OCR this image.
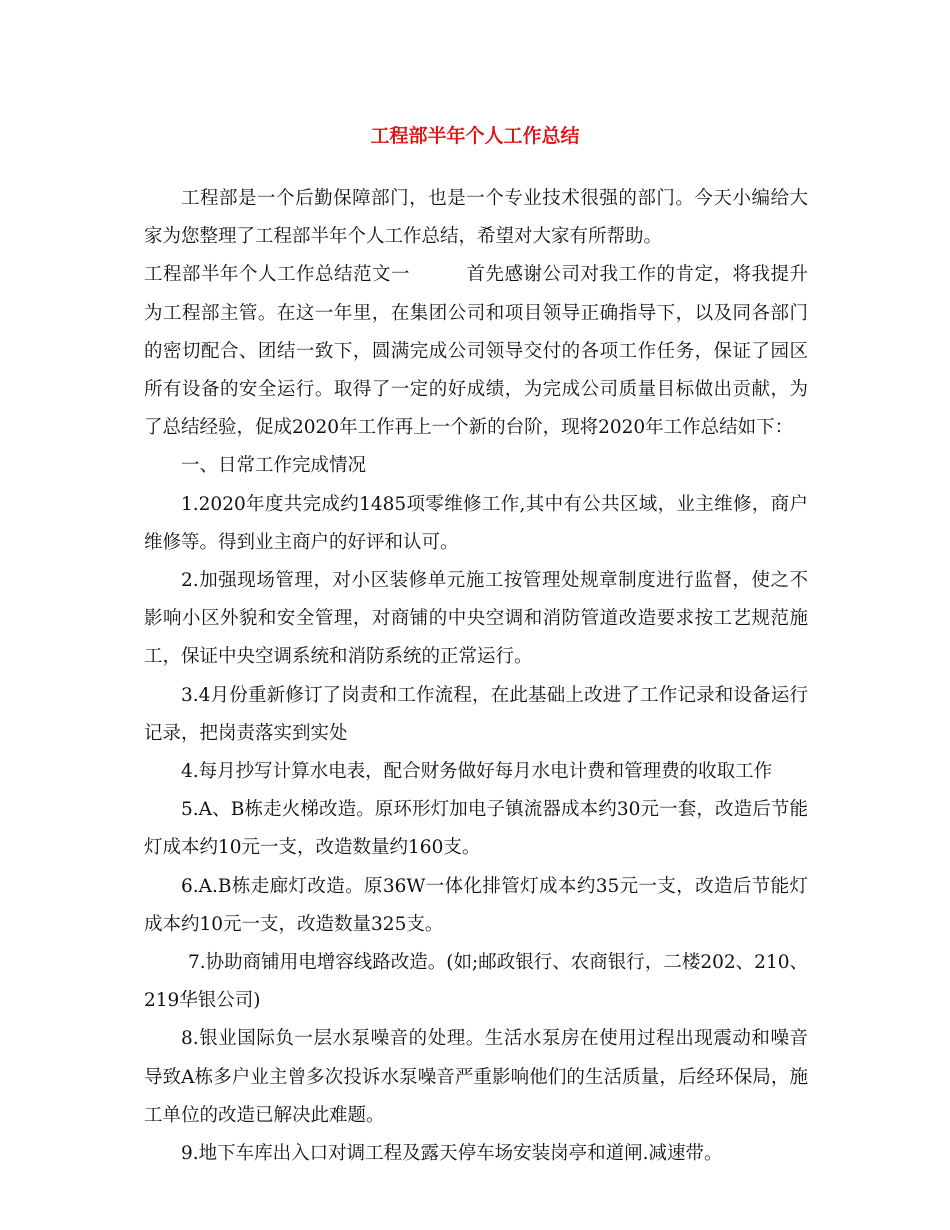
工程部半年个人工作总结

工程部是一个后勤保障部门，也是一个专业技术很强的部门。今天小编给大家为您整理了工程部半年个人工作总结，希望对大家有所帮助。

工程部半年个人工作总结范文一	首先感谢公司对我工作的肯定，将我提升为工程部主管。在这一年里，在集团公司和项目领导正确指导下，以及同各部门的密切配合、团结一致下，圆满完成公司领导交付的各项工作任务，保证了园区所有设备的安全运行。取得了一定的好成绩，为完成公司质量目标做出贡献，为了总结经验，促成2020年工作再上一个新的台阶，现将2020年工作总结如下：

一、日常工作完成情况

1.2020年度共完成约1485项零维修工作,其中有公共区域，业主维修，商户维修等。得到业主商户的好评和认可。

2.加强现场管理，对小区装修单元施工按管理处规章制度进行监督，使之不影响小区外貌和安全管理，对商铺的中央空调和消防管道改造要求按工艺规范施工，保证中央空调系统和消防系统的正常运行。

3.4月份重新修订了岗责和工作流程，在此基础上改进了工作记录和设备运行记录，把岗责落实到实处

4.每月抄写计算水电表，配合财务做好每月水电计费和管理费的收取工作

5.A、B栋走火梯改造。原环形灯加电子镇流器成本约30元一套，改造后节能灯成本约10元一支，改造数量约160支。

6.A.B栋走廊灯改造。原36W一体化排管灯成本约35元一支，改造后节能灯成本约10元一支，改造数量325支。

7.协助商铺用电增容线路改造。(如;邮政银行、农商银行，二楼202、210、219华银公司)

8.银业国际负一层水泵噪音的处理。生活水泵房在使用过程出现震动和噪音导致A栋多户业主曾多次投诉水泵噪音严重影响他们的生活质量，后经环保局，施工单位的改造已解决此难题。

9.地下车库出入口对调工程及露天停车场安装岗亭和道闸.减速带。
